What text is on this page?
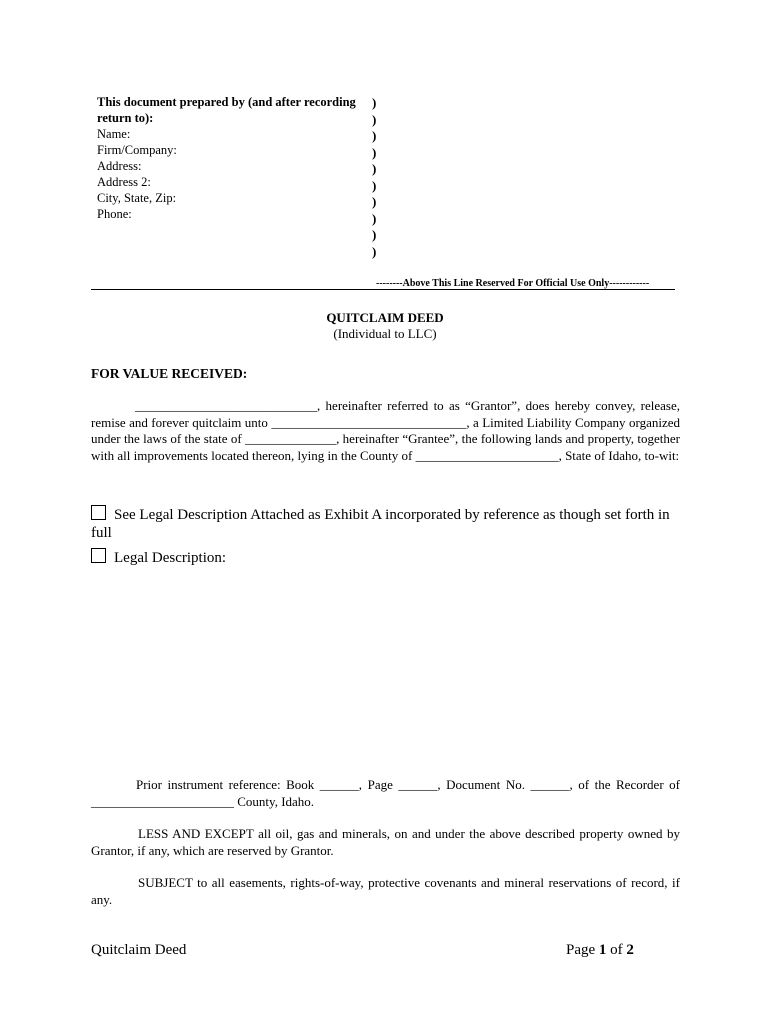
This document prepared by (and after recording return to):
Name:
Firm/Company:
Address:
Address 2:
City, State, Zip:
Phone:
)
)
)
)
)
)
)
)
)
)
--------Above This Line Reserved For Official Use Only------------
QUITCLAIM DEED
(Individual to LLC)
FOR VALUE RECEIVED:
____________________________, hereinafter referred to as “Grantor”, does hereby convey, release, remise and forever quitclaim unto ______________________________, a Limited Liability Company organized under the laws of the state of ______________, hereinafter “Grantee”, the following lands and property, together with all improvements located thereon, lying in the County of ______________________, State of Idaho, to-wit:
See Legal Description Attached as Exhibit A incorporated by reference as though set forth in full
Legal Description:
Prior instrument reference: Book ______, Page ______, Document No. ______, of the Recorder of ______________________ County, Idaho.
LESS AND EXCEPT all oil, gas and minerals, on and under the above described property owned by Grantor, if any, which are reserved by Grantor.
SUBJECT to all easements, rights-of-way, protective covenants and mineral reservations of record, if any.
Quitclaim Deed	Page 1 of 2
